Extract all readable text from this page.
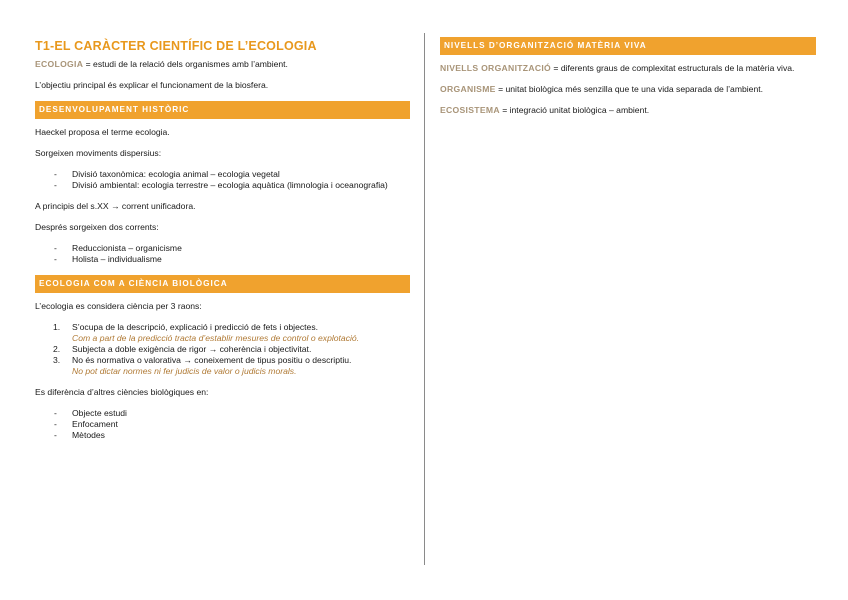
T1-EL CARÀCTER CIENTÍFIC DE L’ECOLOGIA

ECOLOGIA = estudi de la relació dels organismes amb l’ambient.

L’objectiu principal és explicar el funcionament de la biosfera.

DESENVOLUPAMENT HISTÒRIC

Haeckel proposa el terme ecologia.

Sorgeixen moviments dispersius:

- Divisió taxonòmica: ecologia animal – ecologia vegetal
- Divisió ambiental: ecologia terrestre – ecologia aquàtica (limnologia i oceanografia)

A principis del s.XX → corrent unificadora.

Després sorgeixen dos corrents:

- Reduccionista – organicisme
- Holista – individualisme
ECOLOGIA COM A CIÈNCIA BIOLÒGICA

L’ecologia es considera ciència per 3 raons:

1. S’ocupa de la descripció, explicació i predicció de fets i objectes.
Com a part de la predicció tracta d’establir mesures de control o explotació.
2. Subjecta a doble exigència de rigor → coherència i objectivitat.
3. No és normativa o valorativa → coneixement de tipus positiu o descriptiu.
No pot dictar normes ni fer judicis de valor o judicis morals.

Es diferència d’altres ciències biològiques en:

- Objecte estudi
- Enfocament
- Mètodes
NIVELLS D’ORGANITZACIÓ MATÈRIA VIVA

NIVELLS ORGANITZACIÓ = diferents graus de complexitat estructurals de la matèria viva.

ORGANISME = unitat biològica més senzilla que te una vida separada de l’ambient.

ECOSISTEMA = integració unitat biològica – ambient.
